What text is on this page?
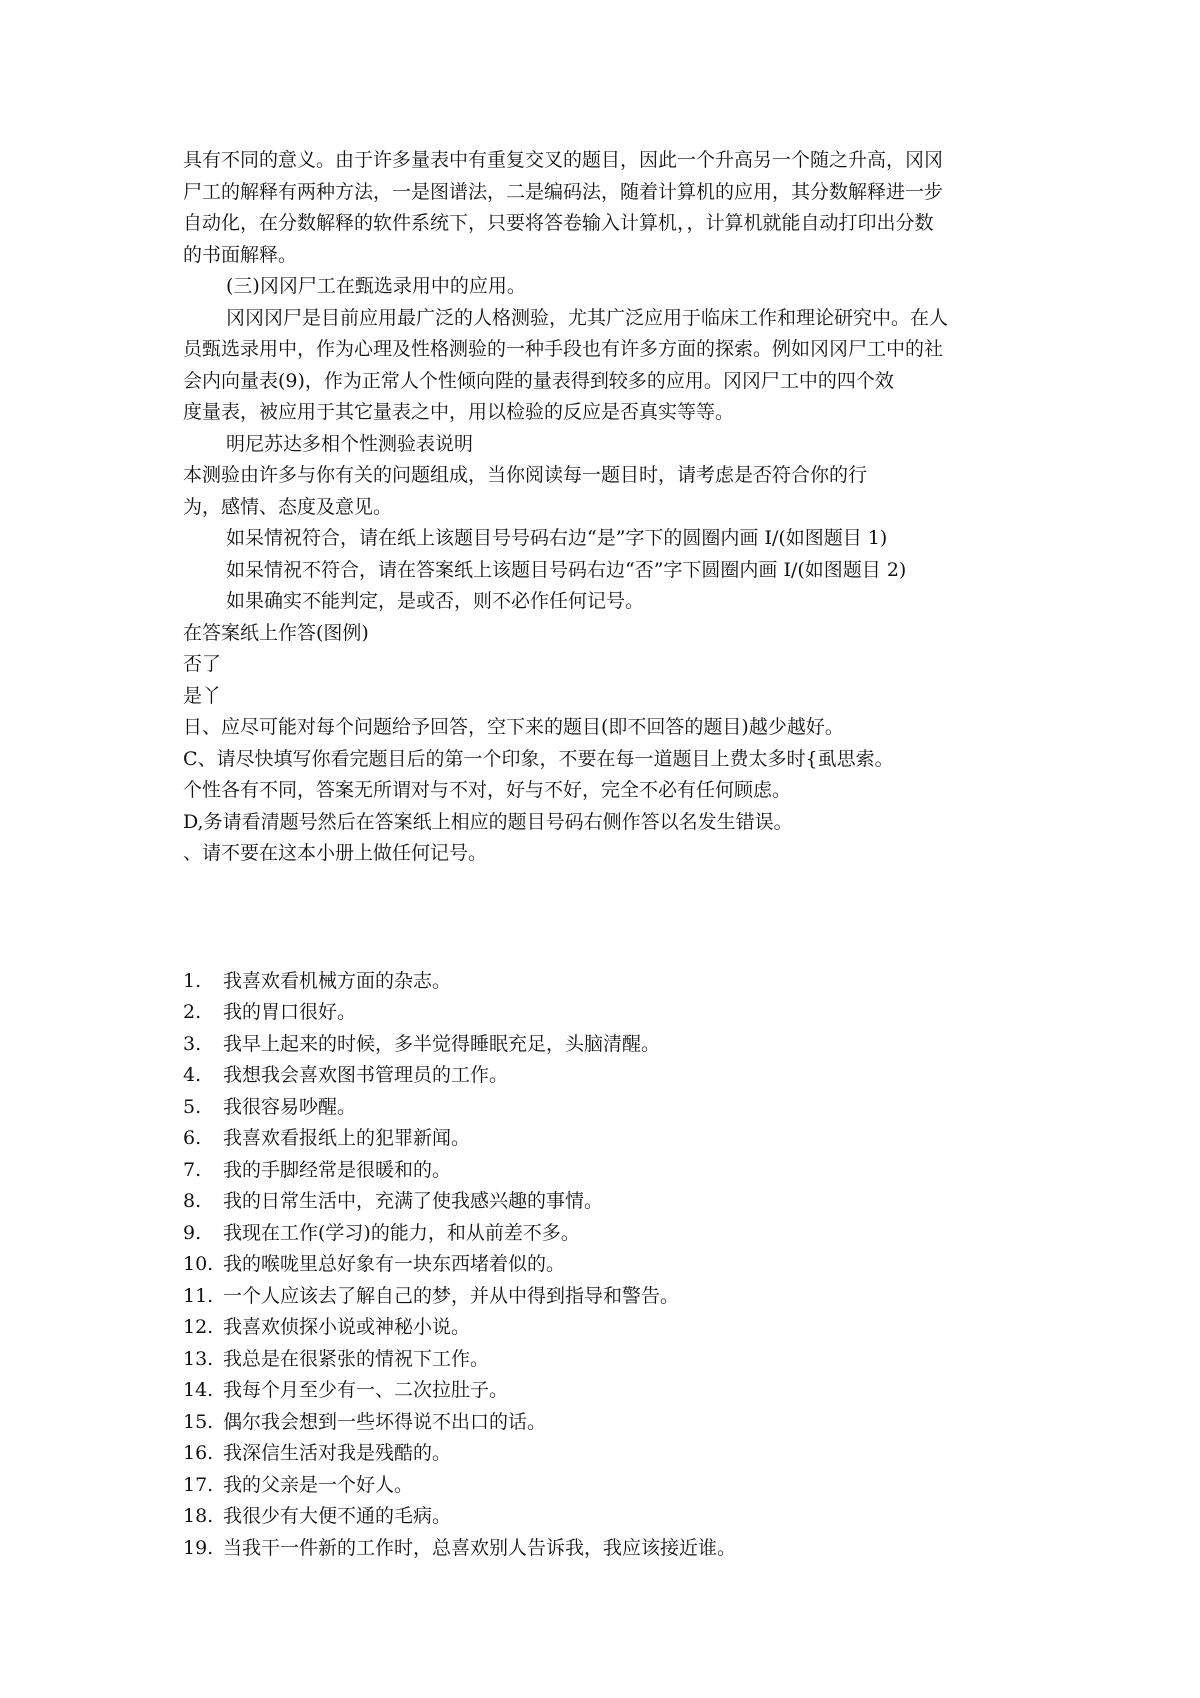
具有不同的意义。由于许多量表中有重复交叉的题目，因此一个升高另一个随之升高，冈冈

尸工的解释有两种方法，一是图谱法，二是编码法，随着计算机的应用，其分数解释进一步

自动化，在分数解释的软件系统下，只要将答卷输入计算机，，计算机就能自动打印出分数

的书面解释。

(三)冈冈尸工在甄选录用中的应用。

冈冈冈尸是目前应用最广泛的人格测验，尤其广泛应用于临床工作和理论研究中。在人

员甄选录用中，作为心理及性格测验的一种手段也有许多方面的探索。例如冈冈尸工中的社

会内向量表(9)，作为正常人个性倾向陛的量表得到较多的应用。冈冈尸工中的四个效

度量表，被应用于其它量表之中，用以检验的反应是否真实等等。

明尼苏达多相个性测验表说明

本测验由许多与你有关的问题组成，当你阅读每一题目时，请考虑是否符合你的行

为，感情、态度及意见。

如呆情祝符合，请在纸上该题目号号码右边“是”字下的圆圈内画 I/(如图题目 1)

如呆情祝不符合，请在答案纸上该题目号码右边“否”字下圆圈内画 I/(如图题目 2)

如果确实不能判定，是或否，则不必作任何记号。

在答案纸上作答(图例)

否了

是丫

日、应尽可能对每个问题给予回答，空下来的题目(即不回答的题目)越少越好。

C、请尽快填写你看完题目后的第一个印象，不要在每一道题目上费太多时{虱思索。

个性各有不同，答案无所谓对与不对，好与不好，完全不必有任何顾虑。

D,务请看清题号然后在答案纸上相应的题目号码右侧作答以名发生错误。

、请不要在这本小册上做任何记号。

1.	我喜欢看机械方面的杂志。
2.	我的胃口很好。
3.	我早上起来的时候，多半觉得睡眠充足，头脑清醒。
4.	我想我会喜欢图书管理员的工作。
5.	我很容易吵醒。
6.	我喜欢看报纸上的犯罪新闻。
7.	我的手脚经常是很暖和的。
8.	我的日常生活中，充满了使我感兴趣的事情。
9.	我现在工作(学习)的能力，和从前差不多。
10. 我的喉咙里总好象有一块东西堵着似的。
11. 一个人应该去了解自己的梦，并从中得到指导和警告。
12. 我喜欢侦探小说或神秘小说。
13. 我总是在很紧张的情祝下工作。
14. 我每个月至少有一、二次拉肚子。
15. 偶尔我会想到一些坏得说不出口的话。
16. 我深信生活对我是残酷的。
17. 我的父亲是一个好人。
18. 我很少有大便不通的毛病。
19. 当我干一件新的工作时，总喜欢别人告诉我，我应该接近谁。
